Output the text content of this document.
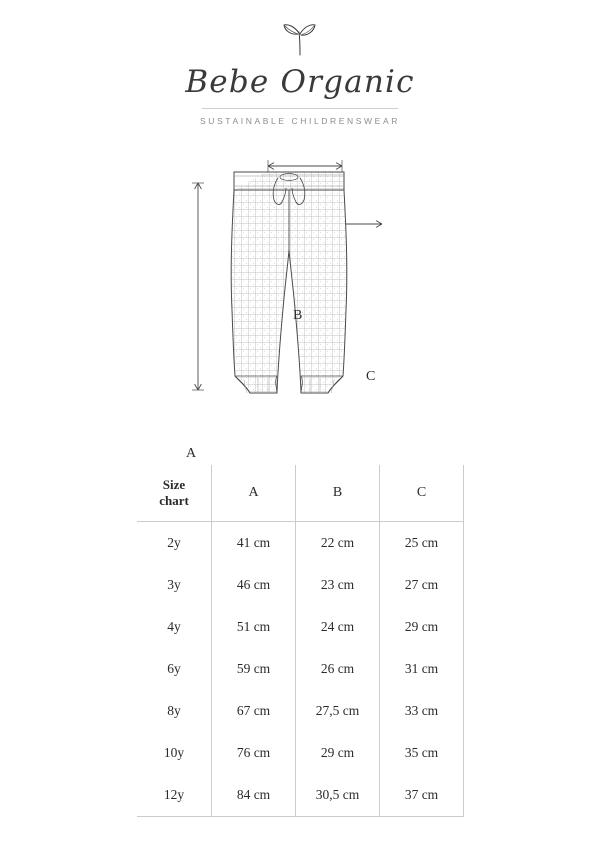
Bebe Organic
SUSTAINABLE CHILDRENSWEAR
A
B
C
Size
chart	A	B	C
2y	41 cm	22 cm	25 cm
3y	46 cm	23 cm	27 cm
4y	51 cm	24 cm	29 cm
6y	59 cm	26 cm	31 cm
8y	67 cm	27,5 cm	33 cm
10y	76 cm	29 cm	35 cm
12y	84 cm	30,5 cm	37 cm
